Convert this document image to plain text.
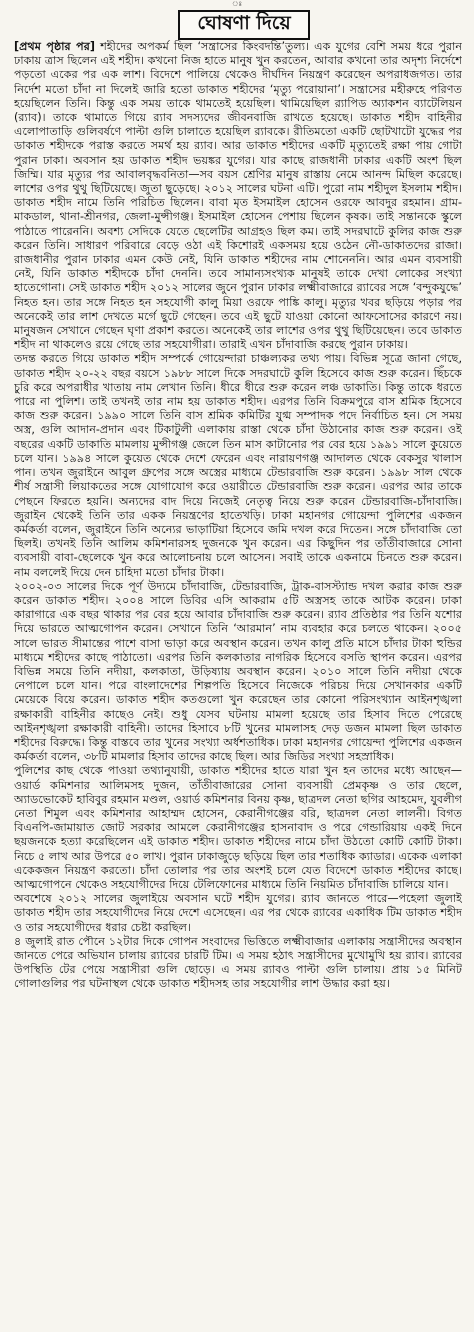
ঃ
ঘোষণা দিয়ে

[প্রথম পৃষ্ঠার পর] শহীদের অপকর্ম ছিল ‘সন্ত্রাসের কিংবদন্তি’তুল্য। এক যুগের বেশি সময় ধরে পুরান ঢাকায় ত্রাস ছিলেন এই শহীদ। কখনো নিজ হাতে মানুষ খুন করতেন, আবার কখনো তার অদৃশ্য নির্দেশে পড়তো একের পর এক লাশ। বিদেশে পালিয়ে থেকেও দীর্ঘদিন নিয়ন্ত্রণ করেছেন অপরাধজগত। তার নির্দেশ মতো চাঁদা না দিলেই জারি হতো ডাকাত শহীদের ‘মৃত্যু পরোয়ানা’। সন্ত্রাসের মহীরুহে পরিণত হয়েছিলেন তিনি। কিন্তু এক সময় তাকে থামতেই হয়েছিল। থামিয়েছিল র‌্যাপিড অ্যাকশন ব্যাটেলিয়ন (র‌্যাব)। তাকে থামাতে গিয়ে র‌্যাব সদস্যদের জীবনবাজি রাখতে হয়েছে। ডাকাত শহীদ বাহিনীর এলোপাতাড়ি গুলিবর্ষণে পাল্টা গুলি চালাতে হয়েছিল র‌্যাবকে। রীতিমতো একটি ছোটখাটো যুদ্ধের পর ডাকাত শহীদকে পরাস্ত করতে সমর্থ হয় র‌্যাব। আর ডাকাত শহীদের একটি মৃত্যুতেই রক্ষা পায় গোটা পুরান ঢাকা। অবসান হয় ডাকাত শহীদ ভয়ঙ্কর যুগের। যার কাছে রাজধানী ঢাকার একটি অংশ ছিল জিম্মি। যার মৃত্যুর পর আবালবৃদ্ধবনিতা—সব বয়স শ্রেণির মানুষ রাস্তায় নেমে আনন্দ মিছিল করেছে। লাশের ওপর থুথু ছিটিয়েছে। জুতা ছুড়েছে। ২০১২ সালের ঘটনা এটি। পুরো নাম শহীদুল ইসলাম শহীদ। ডাকাত শহীদ নামে তিনি পরিচিত ছিলেন। বাবা মৃত ইসমাইল হোসেন ওরফে আবদুর রহমান। গ্রাম-মাকডাল, থানা-শ্রীনগর, জেলা-মুন্সীগঞ্জ। ইসমাইল হোসেন পেশায় ছিলেন কৃষক। তাই সন্তানকে স্কুলে পাঠাতে পারেননি। অবশ্য সেদিকে যেতে ছেলেটির আগ্রহও ছিল কম। তাই সদরঘাটে কুলির কাজ শুরু করেন তিনি। সাধারণ পরিবারে বেড়ে ওঠা এই কিশোরই একসময় হয়ে ওঠেন নৌ-ডাকাতদের রাজা। রাজধানীর পুরান ঢাকার এমন কেউ নেই, যিনি ডাকাত শহীদের নাম শোনেননি। আর এমন ব্যবসায়ী নেই, যিনি ডাকাত শহীদকে চাঁদা দেননি। তবে সামান্যসংখ্যক মানুষই তাকে দেখা লোকের সংখ্যা হাতেগোনা। সেই ডাকাত শহীদ ২০১২ সালের জুনে পুরান ঢাকার লক্ষ্মীবাজারে র‌্যাবের সঙ্গে ‘বন্দুকযুদ্ধে’ নিহত হন। তার সঙ্গে নিহত হন সহযোগী কালু মিয়া ওরফে পাঙ্কি কালু। মৃত্যুর খবর ছড়িয়ে পড়ার পর অনেকেই তার লাশ দেখতে মর্গে ছুটে গেছেন। তবে এই ছুটে যাওয়া কোনো আফসোসের কারণে নয়। মানুষজন সেখানে গেছেন ঘৃণা প্রকাশ করতে। অনেকেই তার লাশের ওপর থুথু ছিটিয়েছেন। তবে ডাকাত শহীদ না থাকলেও রয়ে গেছে তার সহযোগীরা। তারাই এখন চাঁদাবাজি করছে পুরান ঢাকায়।

তদন্ত করতে গিয়ে ডাকাত শহীদ সম্পর্কে গোয়েন্দারা চাঞ্চল্যকর তথ্য পায়। বিভিন্ন সূত্রে জানা গেছে, ডাকাত শহীদ ২০-২২ বছর বয়সে ১৯৮৮ সালে দিকে সদরঘাটে কুলি হিসেবে কাজ শুরু করেন। ছিঁচকে চুরি করে অপরাধীর খাতায় নাম লেখান তিনি। ধীরে ধীরে শুরু করেন লঞ্চ ডাকাতি। কিন্তু তাকে ধরতে পারে না পুলিশ। তাই তখনই তার নাম হয় ডাকাত শহীদ। এরপর তিনি বিক্রমপুরে বাস শ্রমিক হিসেবে কাজ শুরু করেন। ১৯৯০ সালে তিনি বাস শ্রমিক কমিটির যুগ্ম সম্পাদক পদে নির্বাচিত হন। সে সময় অস্ত্র, গুলি আদান-প্রদান এবং টিকাটুলী এলাকায় রাস্তা থেকে চাঁদা উঠানোর কাজ শুরু করেন। ওই বছরের একটি ডাকাতি মামলায় মুন্সীগঞ্জ জেলে তিন মাস কাটানোর পর বের হয়ে ১৯৯১ সালে কুয়েতে চলে যান। ১৯৯৪ সালে কুয়েত থেকে দেশে ফেরেন এবং নারায়ণগঞ্জ আদালত থেকে বেকসুর খালাস পান। তখন জুরাইনে আবুল গ্রুপের সঙ্গে অস্ত্রের মাধ্যমে টেন্ডারবাজি শুরু করেন। ১৯৯৮ সাল থেকে শীর্ষ সন্ত্রাসী লিয়াকতের সঙ্গে যোগাযোগ করে ওয়ারীতে টেন্ডারবাজি শুরু করেন। এরপর আর তাকে পেছনে ফিরতে হয়নি। অন্যদের বাদ দিয়ে নিজেই নেতৃত্ব নিয়ে শুরু করেন টেন্ডারবাজি-চাঁদাবাজি। জুরাইন থেকেই তিনি তার একক নিয়ন্ত্রণের হাতেখড়ি। ঢাকা মহানগর গোয়েন্দা পুলিশের একজন কর্মকর্তা বলেন, জুরাইনে তিনি অন্যের ভাড়াটিয়া হিসেবে জমি দখল করে দিতেন। সঙ্গে চাঁদাবাজি তো ছিলই। তখনই তিনি আলিম কমিশনারসহ দুজনকে খুন করেন। এর কিছুদিন পর তাঁতীবাজারে সোনা ব্যবসায়ী বাবা-ছেলেকে খুন করে আলোচনায় চলে আসেন। সবাই তাকে একনামে চিনতে শুরু করেন। নাম বললেই দিয়ে দেন চাহিদা মতো চাঁদার টাকা।

২০০২-০৩ সালের দিকে পূর্ণ উদ্যমে চাঁদাবাজি, টেন্ডারবাজি, ট্রাক-বাসস্ট্যান্ড দখল করার কাজ শুরু করেন ডাকাত শহীদ। ২০০৪ সালে ডিবির এসি আকরাম ৫টি অস্ত্রসহ তাকে আটক করেন। ঢাকা কারাগারে এক বছর থাকার পর বের হয়ে আবার চাঁদাবাজি শুরু করেন। র‌্যাব প্রতিষ্ঠার পর তিনি যশোর দিয়ে ভারতে আত্মগোপন করেন। সেখানে তিনি ‘আরমান’ নাম ব্যবহার করে চলতে থাকেন। ২০০৫ সালে ভারত সীমান্তের পাশে বাসা ভাড়া করে অবস্থান করেন। তখন কালু প্রতি মাসে চাঁদার টাকা হুন্ডির মাধ্যমে শহীদের কাছে পাঠাতো। এরপর তিনি কলকাতার নাগরিক হিসেবে বসতি স্থাপন করেন। এরপর বিভিন্ন সময়ে তিনি নদীয়া, কলকাতা, উড়িষ্যায় অবস্থান করেন। ২০১০ সালে তিনি নদীয়া থেকে নেপালে চলে যান। পরে বাংলাদেশের শিল্পপতি হিসেবে নিজেকে পরিচয় দিয়ে সেখানকার একটি মেয়েকে বিয়ে করেন। ডাকাত শহীদ কতগুলো খুন করেছেন তার কোনো পরিসংখ্যান আইনশৃঙ্খলা রক্ষাকারী বাহিনীর কাছেও নেই। শুধু যেসব ঘটনায় মামলা হয়েছে তার হিসাব দিতে পেরেছে আইনশৃঙ্খলা রক্ষাকারী বাহিনী। তাদের হিসাবে ৮টি খুনের মামলাসহ দেড় ডজন মামলা ছিল ডাকাত শহীদের বিরুদ্ধে। কিন্তু বাস্তবে তার খুনের সংখ্যা অর্ধশতাধিক। ঢাকা মহানগর গোয়েন্দা পুলিশের একজন কর্মকর্তা বলেন, ৩৮টি মামলার হিসাব তাদের কাছে ছিল। আর জিডির সংখ্যা সহস্রাধিক।

পুলিশের কাছ থেকে পাওয়া তথ্যানুযায়ী, ডাকাত শহীদের হাতে যারা খুন হন তাদের মধ্যে আছেন—ওয়ার্ড কমিশনার আলিমসহ দুজন, তাঁতীবাজারের সোনা ব্যবসায়ী প্রেমকৃষ্ণ ও তার ছেলে, অ্যাডভোকেট হাবিবুর রহমান মণ্ডল, ওয়ার্ড কমিশনার বিনয় কৃষ্ণ, ছাত্রদল নেতা ছগির আহমেদ, যুবলীগ নেতা শিমুল এবং কমিশনার আহাম্মদ হোসেন, কেরানীগঞ্জের বরি, ছাত্রদল নেতা লালনী। বিগত বিএনপি-জামায়াত জোট সরকার আমলে কেরানীগঞ্জের হাসনাবাদ ও পরে গেন্ডারিয়ায় একই দিনে ছয়জনকে হত্যা করেছিলেন এই ডাকাত শহীদ। ডাকাত শহীদের নামে চাঁদা উঠতো কোটি কোটি টাকা। নিচে ৫ লাখ আর উপরে ৫০ লাখ। পুরান ঢাকাজুড়ে ছড়িয়ে ছিল তার শতাধিক ক্যাডার। একেক এলাকা একেকজন নিয়ন্ত্রণ করতো। চাঁদা তোলার পর তার অংশই চলে যেত বিদেশে ডাকাত শহীদের কাছে। আত্মগোপনে থেকেও সহযোগীদের দিয়ে টেলিফোনের মাধ্যমে তিনি নিয়মিত চাঁদাবাজি চালিয়ে যান।

অবশেষে ২০১২ সালের জুলাইয়ে অবসান ঘটে শহীদ যুগের। র‌্যাব জানতে পারে—পহেলা জুলাই ডাকাত শহীদ তার সহযোগীদের নিয়ে দেশে এসেছেন। এর পর থেকে র‌্যাবের একাধিক টিম ডাকাত শহীদ ও তার সহযোগীদের ধরার চেষ্টা করছিল।

৪ জুলাই রাত পৌনে ১২টার দিকে গোপন সংবাদের ভিত্তিতে লক্ষ্মীবাজার এলাকায় সন্ত্রাসীদের অবস্থান জানতে পেরে অভিযান চালায় র‌্যাবের চারটি টিম। এ সময় হঠাৎ সন্ত্রাসীদের মুখোমুখি হয় র‌্যাব। র‌্যাবের উপস্থিতি টের পেয়ে সন্ত্রাসীরা গুলি ছোড়ে। এ সময় র‌্যাবও পাল্টা গুলি চালায়। প্রায় ১৫ মিনিট গোলাগুলির পর ঘটনাস্থল থেকে ডাকাত শহীদসহ তার সহযোগীর লাশ উদ্ধার করা হয়।
